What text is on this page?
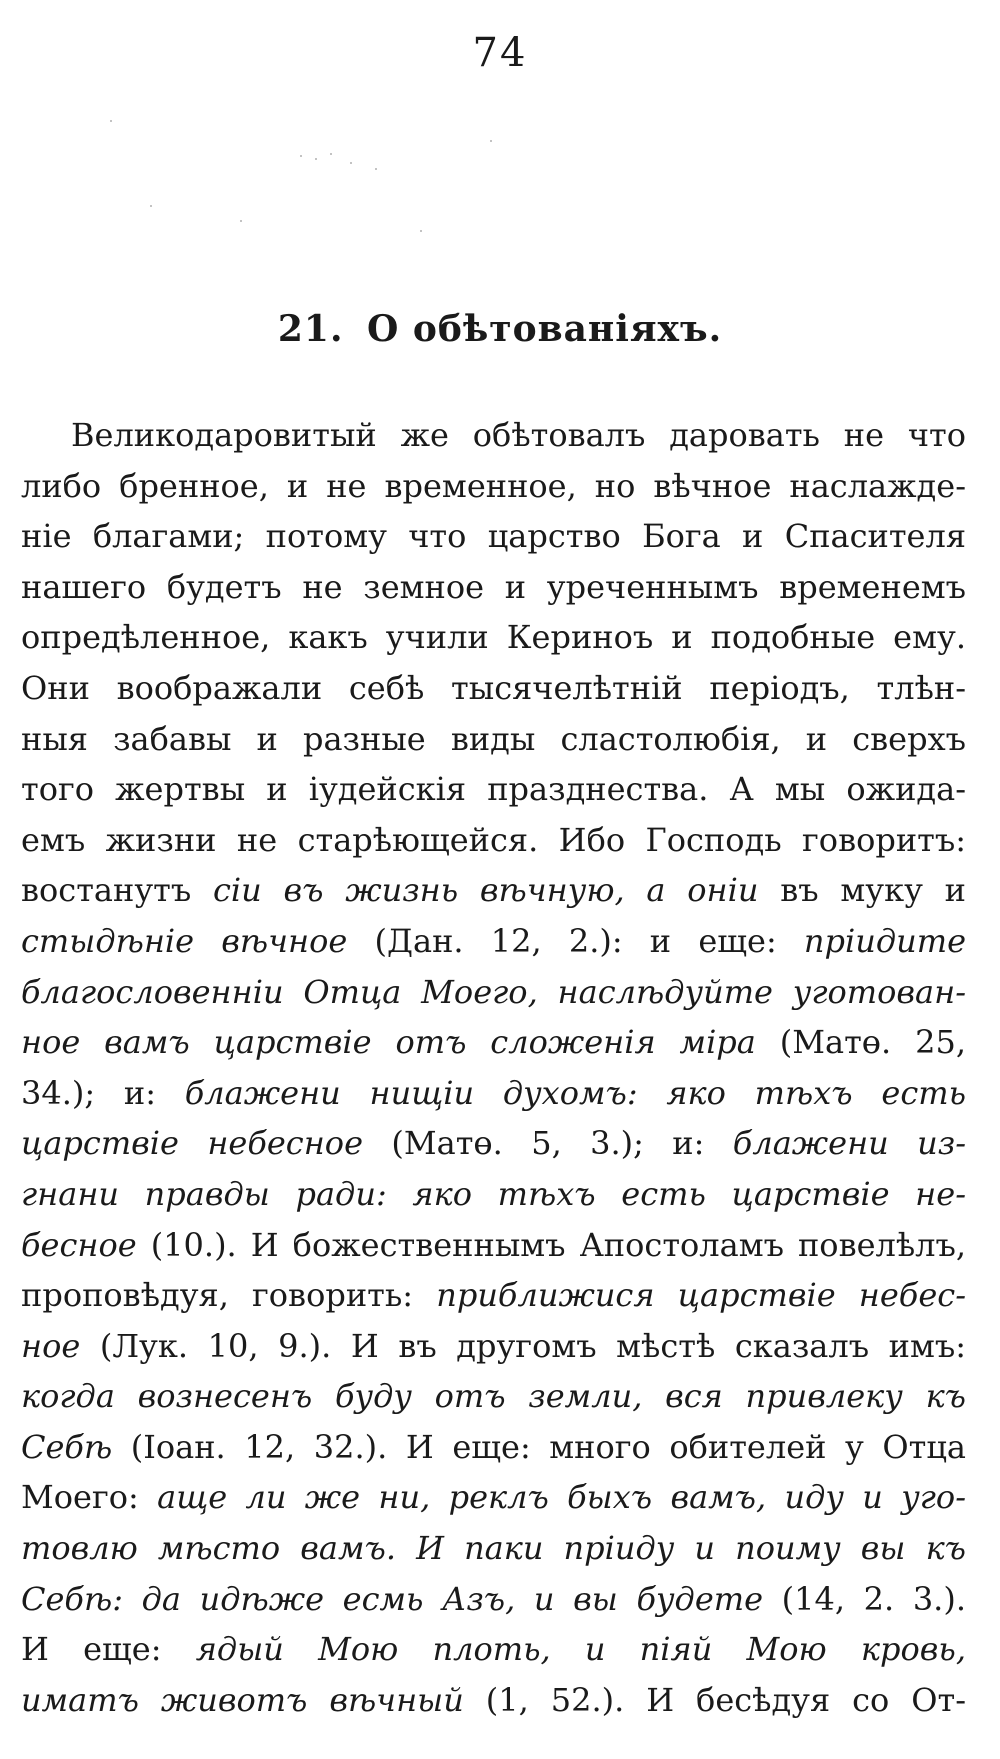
74
21. О обѣтованіяхъ.
Великодаровитый же обѣтовалъ даровать не что
либо бренное, и не временное, но вѣчное наслажде-
ніе благами; потому что царство Бога и Спасителя
нашего будетъ не земное и уреченнымъ временемъ
опредѣленное, какъ учили Кериноъ и подобные ему.
Они воображали себѣ тысячелѣтній періодъ, тлѣн-
ныя забавы и разные виды сластолюбія, и сверхъ
того жертвы и іудейскія празднества. А мы ожида-
емъ жизни не старѣющейся. Ибо Господь говоритъ:
востанутъ сіи въ жизнь вѣчную, а оніи въ муку и
стыдѣніе вѣчное (Дан. 12, 2.): и еще: пріидите
благословенніи Отца Моего, наслѣдуйте уготован-
ное вамъ царствіе отъ сложенія міра (Матө. 25,
34.); и: блажени нищіи духомъ: яко тѣхъ есть
царствіе небесное (Матө. 5, 3.); и: блажени из-
гнани правды ради: яко тѣхъ есть царствіе не-
бесное (10.). И божественнымъ Апостоламъ повелѣлъ,
проповѣдуя, говорить: приближися царствіе небес-
ное (Лук. 10, 9.). И въ другомъ мѣстѣ сказалъ имъ:
когда вознесенъ буду отъ земли, вся привлеку къ
Себѣ (Іоан. 12, 32.). И еще: много обителей у Отца
Моего: аще ли же ни, реклъ быхъ вамъ, иду и уго-
товлю мѣсто вамъ. И паки пріиду и поиму вы къ
Себѣ: да идѣже есмь Азъ, и вы будете (14, 2. 3.).
И еще: ядый Мою плоть, и піяй Мою кровь,
иматъ животъ вѣчный (1, 52.). И бесѣдуя со От-
